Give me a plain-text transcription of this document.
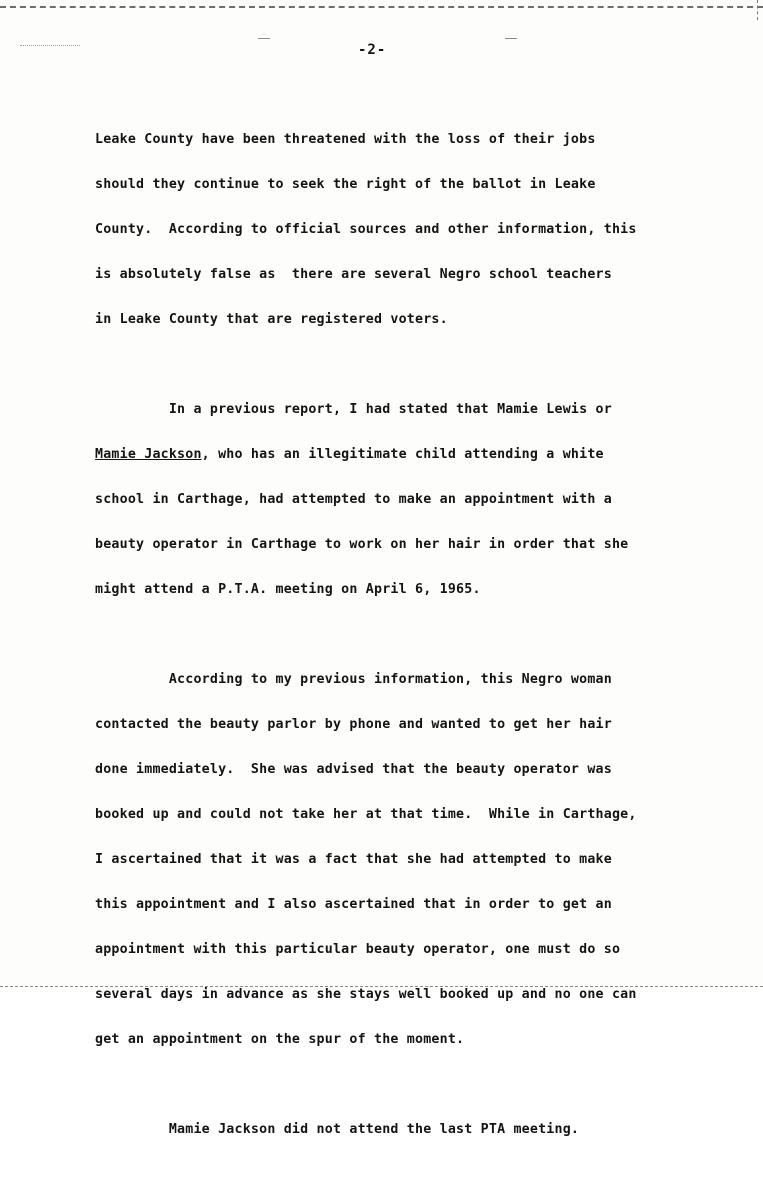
-2-

Leake County have been threatened with the loss of their jobs

should they continue to seek the right of the ballot in Leake

County.  According to official sources and other information, this

is absolutely false as  there are several Negro school teachers

in Leake County that are registered voters.

In a previous report, I had stated that Mamie Lewis or

Mamie Jackson, who has an illegitimate child attending a white

school in Carthage, had attempted to make an appointment with a

beauty operator in Carthage to work on her hair in order that she

might attend a P.T.A. meeting on April 6, 1965.

According to my previous information, this Negro woman

contacted the beauty parlor by phone and wanted to get her hair

done immediately.  She was advised that the beauty operator was

booked up and could not take her at that time.  While in Carthage,

I ascertained that it was a fact that she had attempted to make

this appointment and I also ascertained that in order to get an

appointment with this particular beauty operator, one must do so

several days in advance as she stays well booked up and no one can

get an appointment on the spur of the moment.

Mamie Jackson did not attend the last PTA meeting.
